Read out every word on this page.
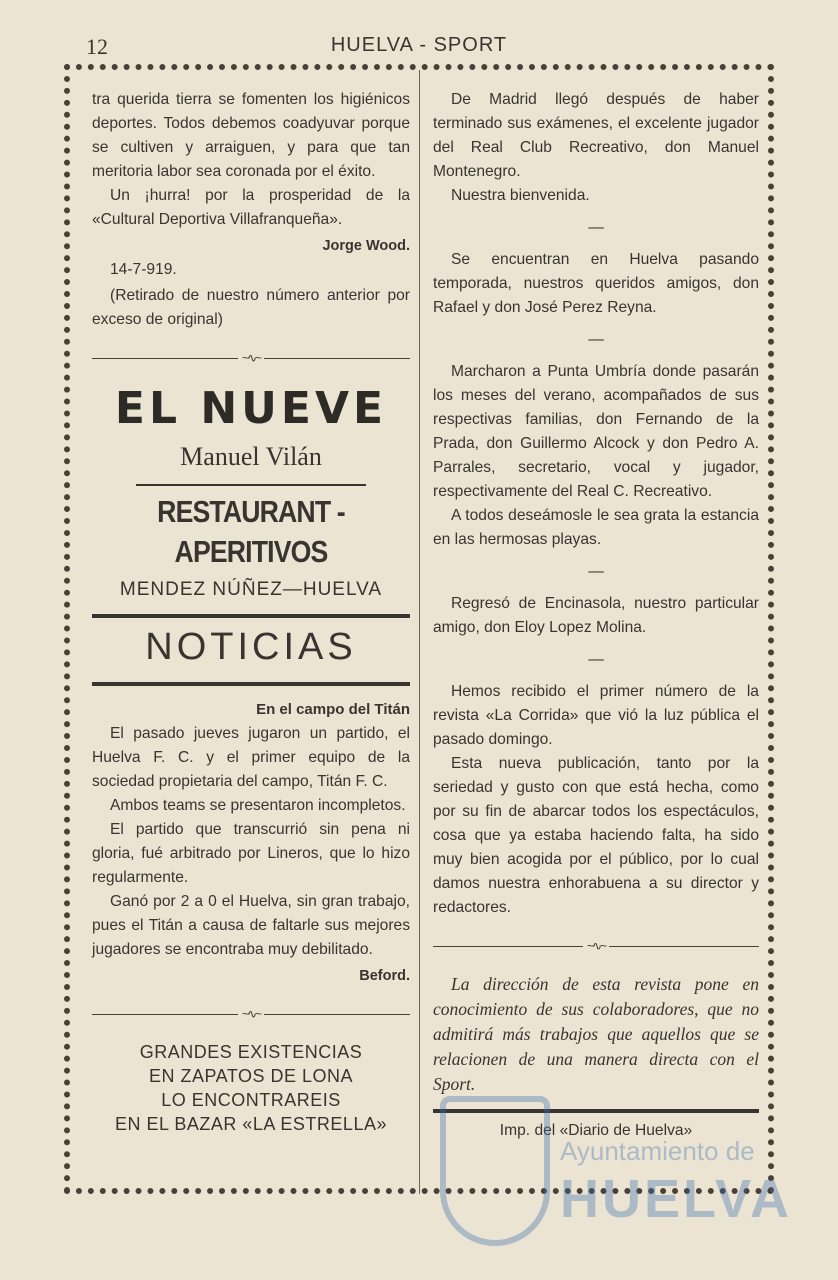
12	HUELVA - SPORT

tra querida tierra se fomenten los higiénicos deportes. Todos debemos coadyuvar porque se cultiven y arraiguen, y para que tan meritoria labor sea coronada por el éxito.

Un ¡hurra! por la prosperidad de la «Cultural Deportiva Villafranqueña».

Jorge Wood.

14-7-919.

(Retirado de nuestro número anterior por exceso de original)

~∿~
EL NUEVE
Manuel Vilán
RESTAURANT - APERITIVOS
MENDEZ NÚÑEZ—HUELVA
NOTICIAS
En el campo del Titán

El pasado jueves jugaron un partido, el Huelva F. C. y el primer equipo de la sociedad propietaria del campo, Titán F. C.

Ambos teams se presentaron incompletos.

El partido que transcurrió sin pena ni gloria, fué arbitrado por Lineros, que lo hizo regularmente.

Ganó por 2 a 0 el Huelva, sin gran trabajo, pues el Titán a causa de faltarle sus mejores jugadores se encontraba muy debilitado.

Beford.
~∿~
GRANDES EXISTENCIAS
EN ZAPATOS DE LONA
LO ENCONTRAREIS
EN EL BAZAR «LA ESTRELLA»

De Madrid llegó después de haber terminado sus exámenes, el excelente jugador del Real Club Recreativo, don Manuel Montenegro.

Nuestra bienvenida.

—

Se encuentran en Huelva pasando temporada, nuestros queridos amigos, don Rafael y don José Perez Reyna.

—

Marcharon a Punta Umbría donde pasarán los meses del verano, acompañados de sus respectivas familias, don Fernando de la Prada, don Guillermo Alcock y don Pedro A. Parrales, secretario, vocal y jugador, respectivamente del Real C. Recreativo.

A todos deseámosle le sea grata la estancia en las hermosas playas.

—

Regresó de Encinasola, nuestro particular amigo, don Eloy Lopez Molina.

—

Hemos recibido el primer número de la revista «La Corrida» que vió la luz pública el pasado domingo.

Esta nueva publicación, tanto por la seriedad y gusto con que está hecha, como por su fin de abarcar todos los espectáculos, cosa que ya estaba haciendo falta, ha sido muy bien acogida por el público, por lo cual damos nuestra enhorabuena a su director y redactores.

~∿~

La dirección de esta revista pone en conocimiento de sus colaboradores, que no admitirá más trabajos que aquellos que se relacionen de una manera directa con el Sport.

Imp. del «Diario de Huelva»
Ayuntamiento de
HUELVA
